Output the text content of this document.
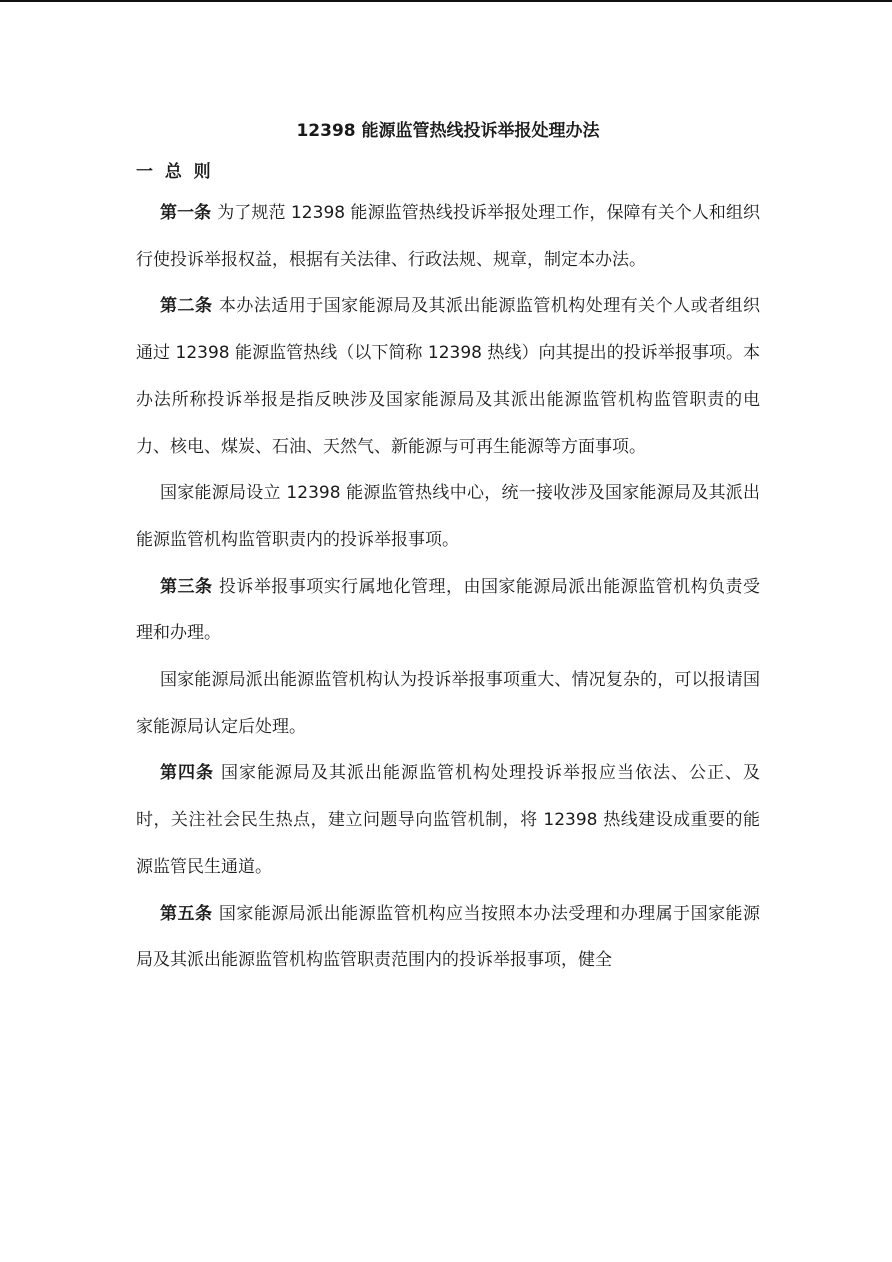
12398 能源监管热线投诉举报处理办法
一  总  则

第一条 为了规范 12398 能源监管热线投诉举报处理工作，保障有关个人和组织行使投诉举报权益，根据有关法律、行政法规、规章，制定本办法。

第二条 本办法适用于国家能源局及其派出能源监管机构处理有关个人或者组织通过 12398 能源监管热线（以下简称 12398 热线）向其提出的投诉举报事项。本办法所称投诉举报是指反映涉及国家能源局及其派出能源监管机构监管职责的电力、核电、煤炭、石油、天然气、新能源与可再生能源等方面事项。

国家能源局设立 12398 能源监管热线中心，统一接收涉及国家能源局及其派出能源监管机构监管职责内的投诉举报事项。

第三条 投诉举报事项实行属地化管理，由国家能源局派出能源监管机构负责受理和办理。

国家能源局派出能源监管机构认为投诉举报事项重大、情况复杂的，可以报请国家能源局认定后处理。

第四条 国家能源局及其派出能源监管机构处理投诉举报应当依法、公正、及时，关注社会民生热点，建立问题导向监管机制，将 12398 热线建设成重要的能源监管民生通道。

第五条 国家能源局派出能源监管机构应当按照本办法受理和办理属于国家能源局及其派出能源监管机构监管职责范围内的投诉举报事项，健全
